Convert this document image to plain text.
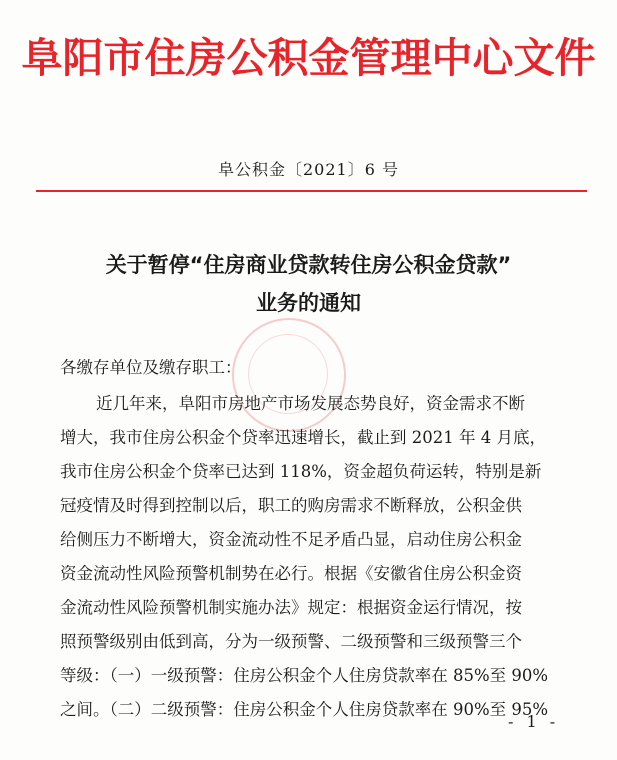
阜阳市住房公积金管理中心文件
阜公积金〔2021〕6 号
关于暂停“住房商业贷款转住房公积金贷款”
业务的通知
各缴存单位及缴存职工：
近几年来，阜阳市房地产市场发展态势良好，资金需求不断
增大，我市住房公积金个贷率迅速增长，截止到 2021 年 4 月底，
我市住房公积金个贷率已达到 118%，资金超负荷运转，特别是新
冠疫情及时得到控制以后，职工的购房需求不断释放，公积金供
给侧压力不断增大，资金流动性不足矛盾凸显，启动住房公积金
资金流动性风险预警机制势在必行。根据《安徽省住房公积金资
金流动性风险预警机制实施办法》规定：根据资金运行情况，按
照预警级别由低到高，分为一级预警、二级预警和三级预警三个
等级：（一）一级预警：住房公积金个人住房贷款率在 85%至 90%
之间。（二）二级预警：住房公积金个人住房贷款率在 90%至 95%
- 1 -
